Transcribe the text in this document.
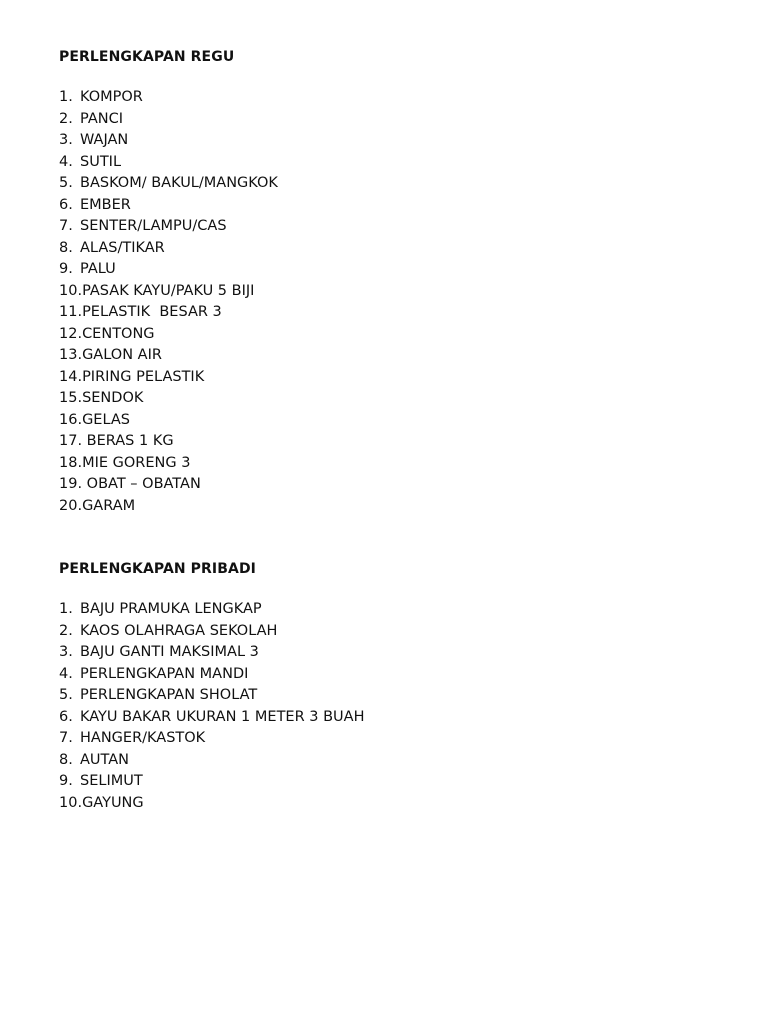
PERLENGKAPAN REGU
1. KOMPOR
2. PANCI
3. WAJAN
4. SUTIL
5. BASKOM/ BAKUL/MANGKOK
6. EMBER
7. SENTER/LAMPU/CAS
8. ALAS/TIKAR
9. PALU
10. PASAK KAYU/PAKU 5 BIJI
11. PELASTIK  BESAR 3
12. CENTONG
13. GALON AIR
14. PIRING PELASTIK
15. SENDOK
16. GELAS
17. BERAS 1 KG
18. MIE GORENG 3
19. OBAT – OBATAN
20. GARAM
PERLENGKAPAN PRIBADI
1. BAJU PRAMUKA LENGKAP
2. KAOS OLAHRAGA SEKOLAH
3. BAJU GANTI MAKSIMAL 3
4. PERLENGKAPAN MANDI
5. PERLENGKAPAN SHOLAT
6. KAYU BAKAR UKURAN 1 METER 3 BUAH
7. HANGER/KASTOK
8. AUTAN
9. SELIMUT
10. GAYUNG
